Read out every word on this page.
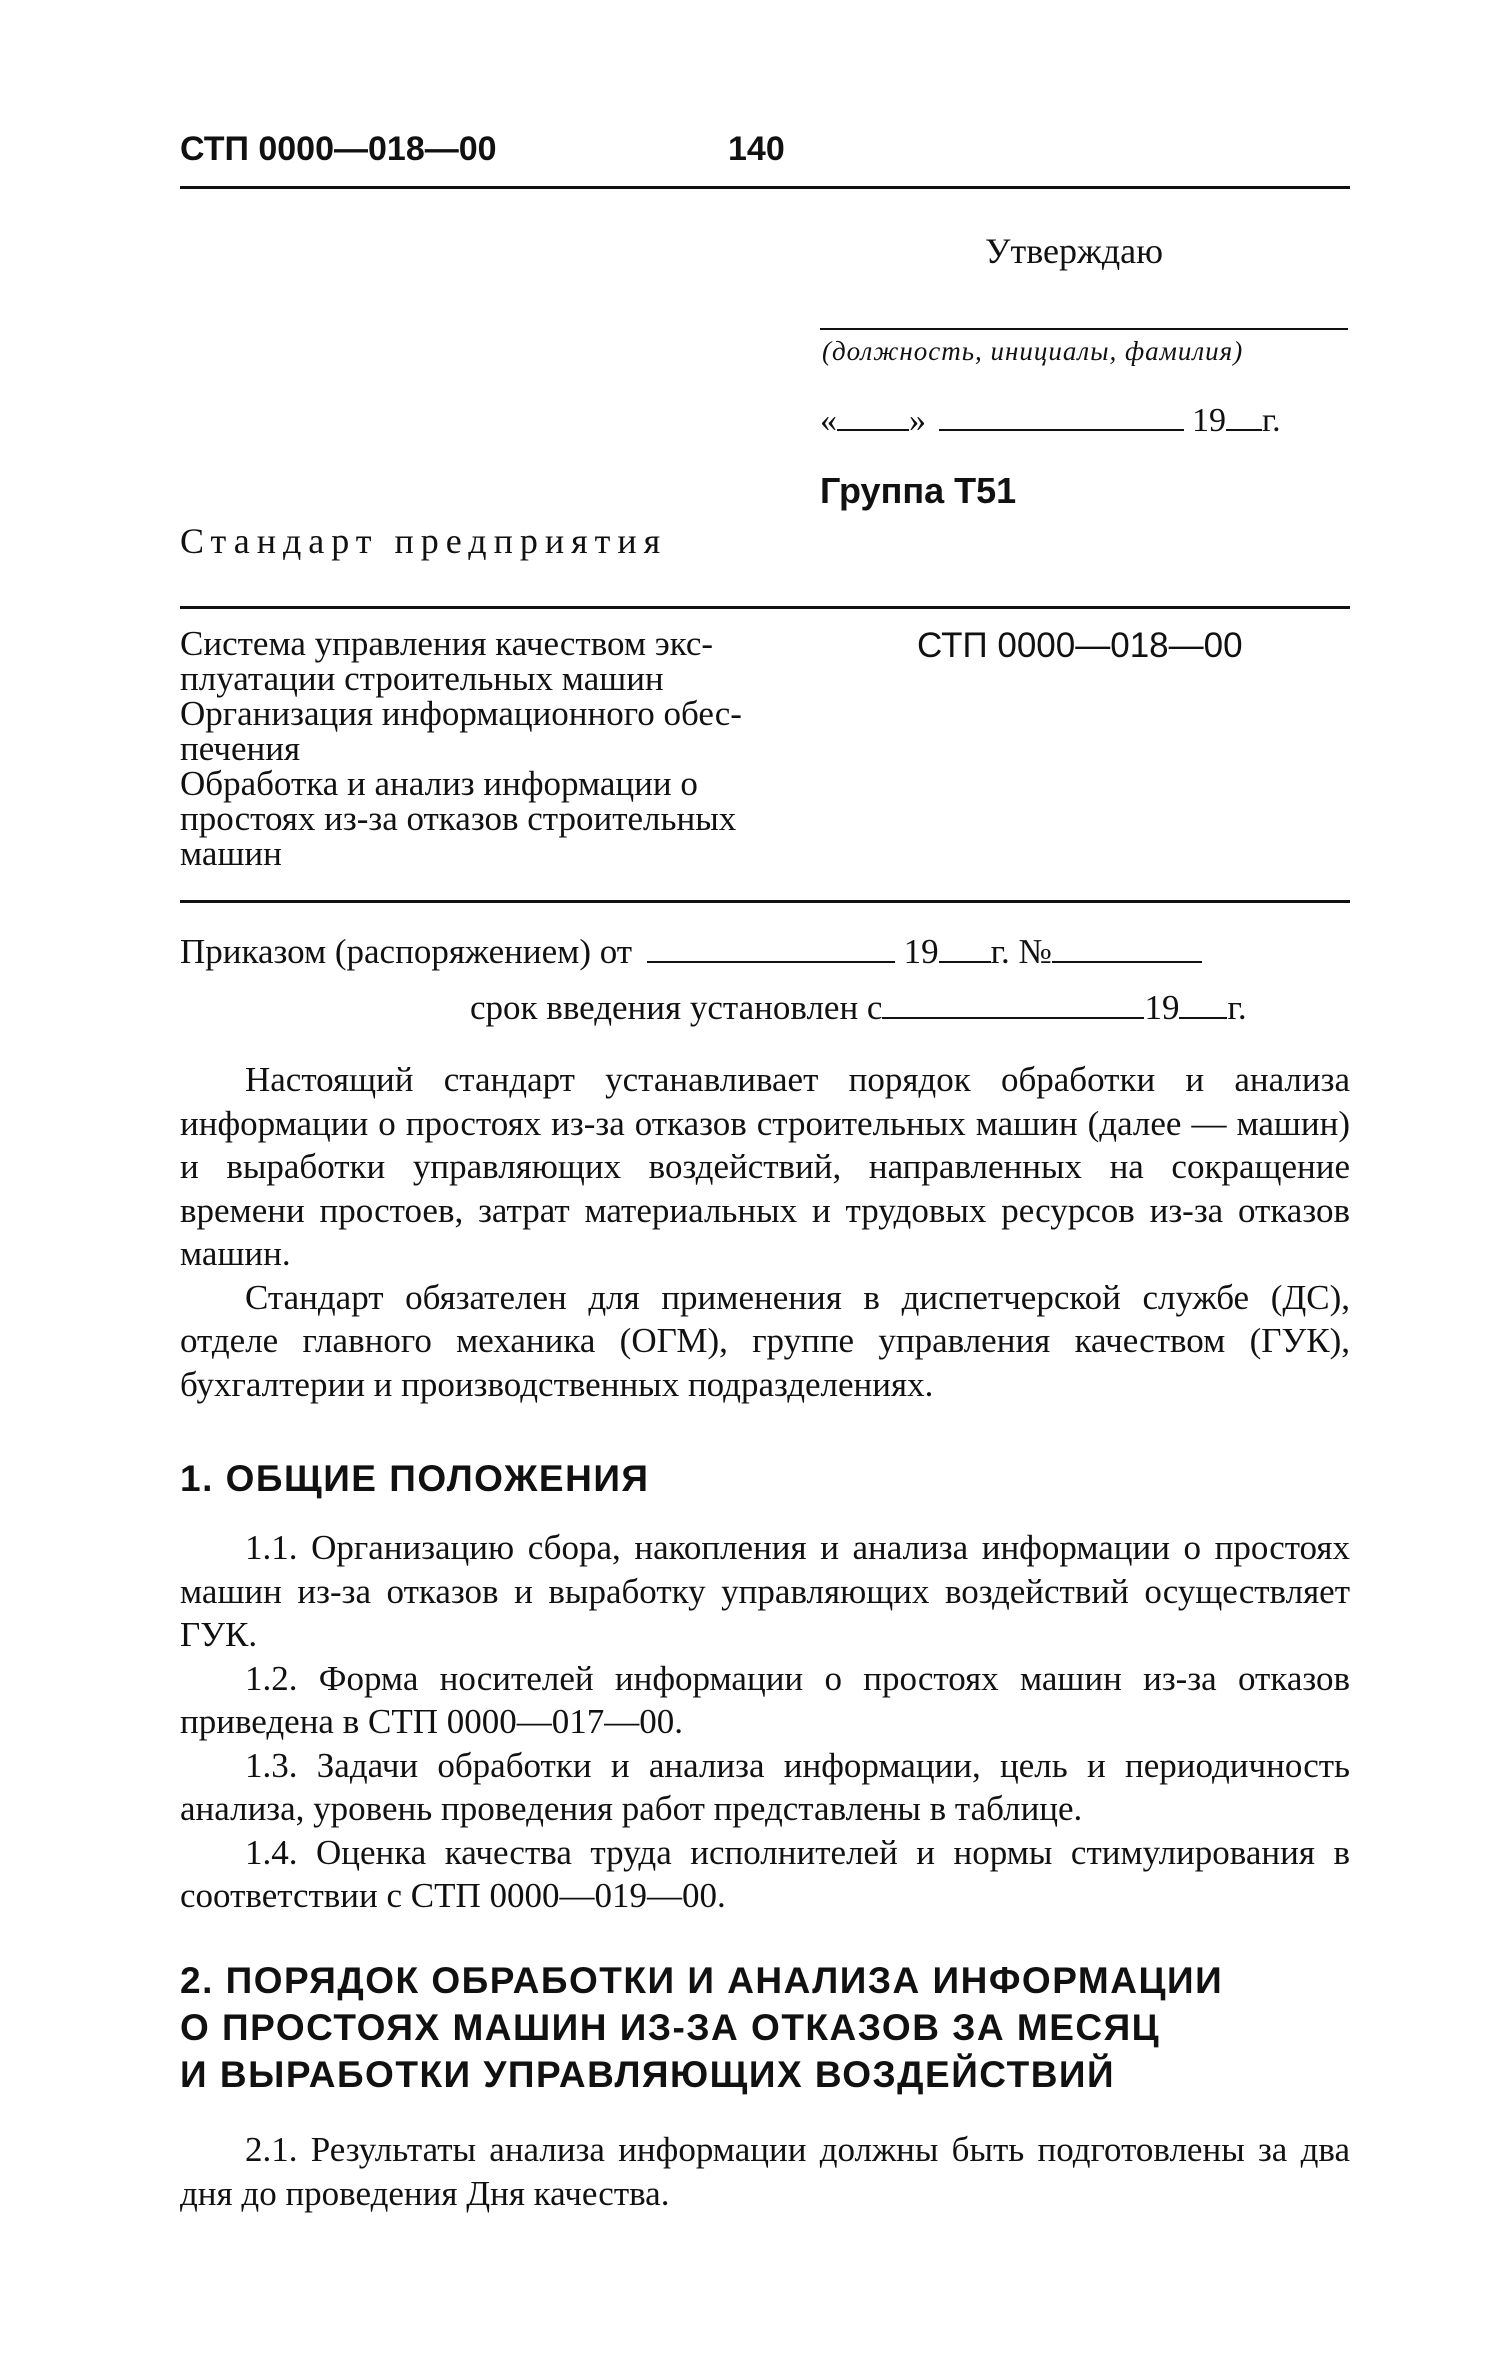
СТП 0000—018—00	140
Утверждаю
(должность, инициалы, фамилия)
« »	19 г.
Группа Т51
Стандарт предприятия
Система управления качеством экс-
плуатации строительных машин
Организация информационного обес-
печения
Обработка и анализ информации о
простоях из-за отказов строительных
машин
СТП 0000—018—00
Приказом (распоряжением) от	19 г. №
срок введения установлен с	19 г.

Настоящий стандарт устанавливает порядок обработки и анализа информации о простоях из-за отказов строительных машин (далее — машин) и выработки управляющих воздействий, направленных на сокращение времени простоев, затрат материальных и трудовых ресурсов из-за отказов машин.

Стандарт обязателен для применения в диспетчерской службе (ДС), отделе главного механика (ОГМ), группе управления качеством (ГУК), бухгалтерии и производственных подразделениях.

1. ОБЩИЕ ПОЛОЖЕНИЯ

1.1. Организацию сбора, накопления и анализа информации о простоях машин из-за отказов и выработку управляющих воздействий осуществляет ГУК.

1.2. Форма носителей информации о простоях машин из-за отказов приведена в СТП 0000—017—00.

1.3. Задачи обработки и анализа информации, цель и периодичность анализа, уровень проведения работ представлены в таблице.

1.4. Оценка качества труда исполнителей и нормы стимулирования в соответствии с СТП 0000—019—00.

2. ПОРЯДОК ОБРАБОТКИ И АНАЛИЗА ИНФОРМАЦИИ
О ПРОСТОЯХ МАШИН ИЗ-ЗА ОТКАЗОВ ЗА МЕСЯЦ
И ВЫРАБОТКИ УПРАВЛЯЮЩИХ ВОЗДЕЙСТВИЙ

2.1. Результаты анализа информации должны быть подготовлены за два дня до проведения Дня качества.
